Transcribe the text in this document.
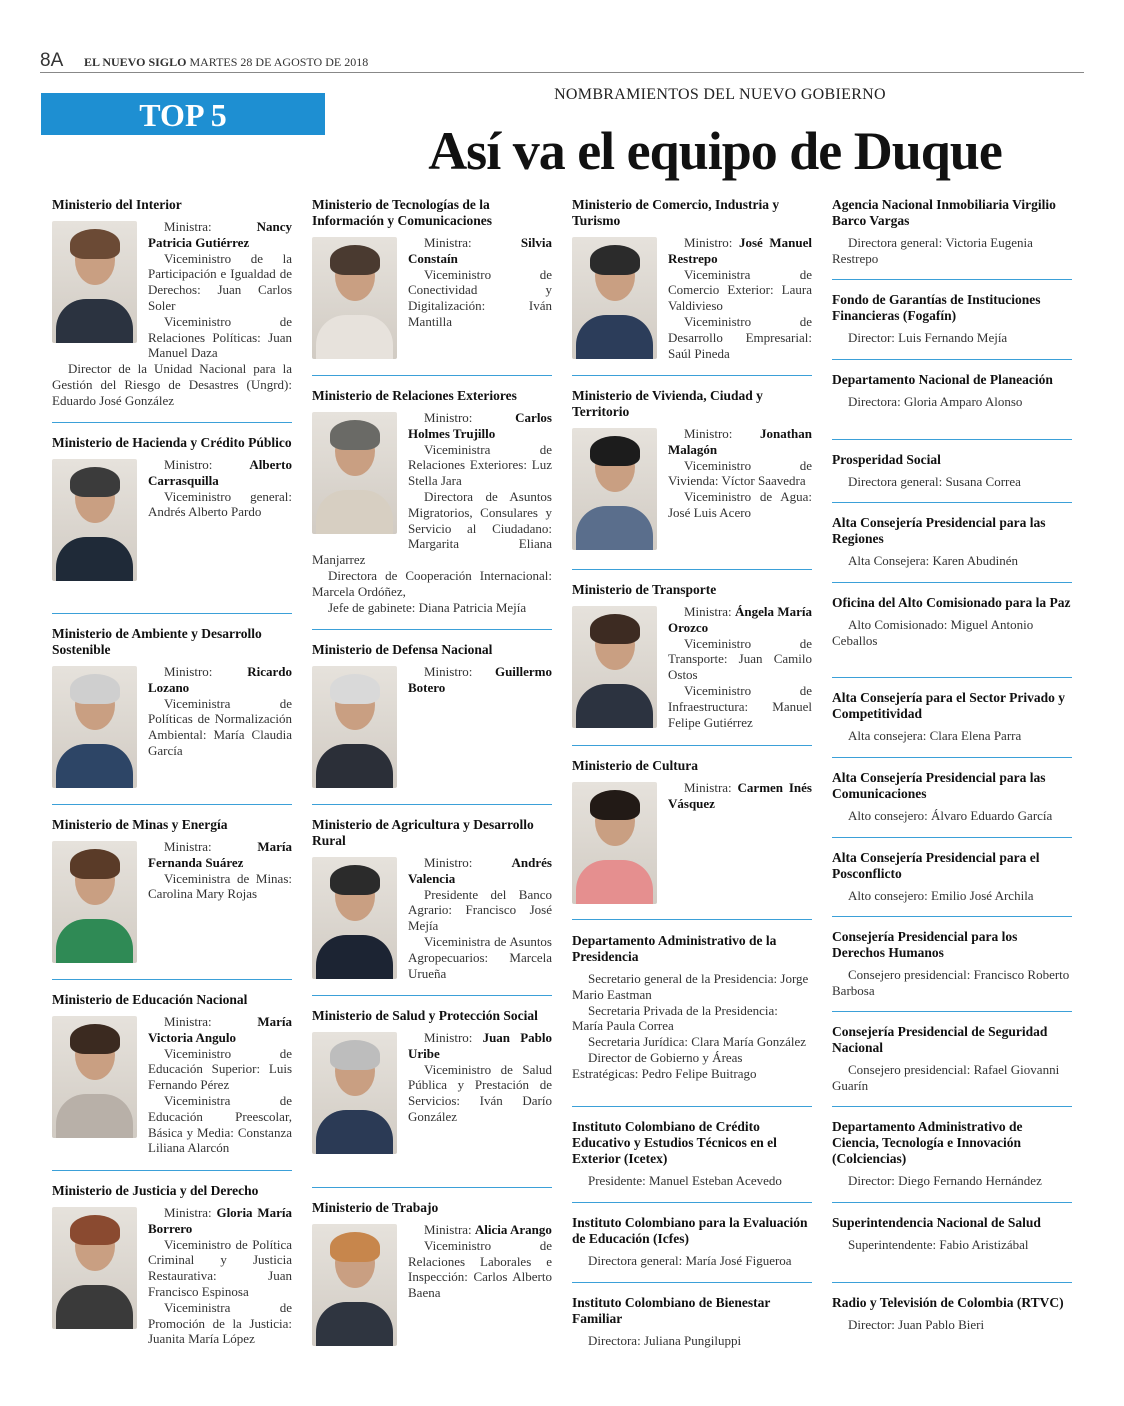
8A EL NUEVO SIGLO MARTES 28 DE AGOSTO DE 2018
TOP 5
NOMBRAMIENTOS DEL NUEVO GOBIERNO
Así va el equipo de Duque
Ministerio del Interior

Ministra: Nancy Patricia Gutiérrez

Viceministro de la Participación e Igualdad de Derechos: Juan Carlos Soler

Viceministro de Relaciones Políticas: Juan Manuel Daza

Director de la Unidad Nacional para la Gestión del Riesgo de Desastres (Ungrd): Eduardo José González

Ministerio de Hacienda y Crédito Público

Ministro: Alberto Carrasquilla

Viceministro general: Andrés Alberto Pardo

Ministerio de Ambiente y Desarrollo Sostenible

Ministro: Ricardo Lozano

Viceministra de Políticas de Normalización Ambiental: María Claudia García

Ministerio de Minas y Energía

Ministra: María Fernanda Suárez

Viceministra de Minas: Carolina Mary Rojas

Ministerio de Educación Nacional

Ministra: María Victoria Angulo

Viceministro de Educación Superior: Luis Fernando Pérez

Viceministra de Educación Preescolar, Básica y Media: Constanza Liliana Alarcón

Ministerio de Justicia y del Derecho

Ministra: Gloria María Borrero

Viceministro de Política Criminal y Justicia Restaurativa: Juan Francisco Espinosa

Viceministra de Promoción de la Justicia: Juanita María López

Ministerio de Tecnologías de la Información y Comunicaciones

Ministra: Silvia Constaín

Viceministro de Conectividad y Digitalización: Iván Mantilla

Ministerio de Relaciones Exteriores

Ministro: Carlos Holmes Trujillo

Viceministra de Relaciones Exteriores: Luz Stella Jara

Directora de Asuntos Migratorios, Consulares y Servicio al Ciudadano: Margarita Eliana Manjarrez

Directora de Cooperación Internacional: Marcela Ordóñez,

Jefe de gabinete: Diana Patricia Mejía

Ministerio de Defensa Nacional

Ministro: Guillermo Botero

Ministerio de Agricultura y Desarrollo Rural

Ministro: Andrés Valencia

Presidente del Banco Agrario: Francisco José Mejía

Viceministra de Asuntos Agropecuarios: Marcela Urueña

Ministerio de Salud y Protección Social

Ministro: Juan Pablo Uribe

Viceministro de Salud Pública y Prestación de Servicios: Iván Darío González

Ministerio de Trabajo

Ministra: Alicia Arango

Viceministro de Relaciones Laborales e Inspección: Carlos Alberto Baena

Ministerio de Comercio, Industria y Turismo

Ministro: José Manuel Restrepo

Viceministra de Comercio Exterior: Laura Valdivieso

Viceministro de Desarrollo Empresarial: Saúl Pineda

Ministerio de Vivienda, Ciudad y Territorio

Ministro: Jonathan Malagón

Viceministro de Vivienda: Víctor Saavedra

Viceministro de Agua: José Luis Acero

Ministerio de Transporte

Ministra: Ángela María Orozco

Viceministro de Transporte: Juan Camilo Ostos

Viceministro de Infraestructura: Manuel Felipe Gutiérrez

Ministerio de Cultura

Ministra: Carmen Inés Vásquez

Departamento Administrativo de la Presidencia

Secretario general de la Presidencia: Jorge Mario Eastman

Secretaria Privada de la Presidencia: María Paula Correa

Secretaria Jurídica: Clara María González

Director de Gobierno y Áreas Estratégicas: Pedro Felipe Buitrago

Instituto Colombiano de Crédito Educativo y Estudios Técnicos en el Exterior (Icetex)

Presidente: Manuel Esteban Acevedo

Instituto Colombiano para la Evaluación de Educación (Icfes)

Directora general: María José Figueroa

Instituto Colombiano de Bienestar Familiar

Directora: Juliana Pungiluppi

Agencia Nacional Inmobiliaria Virgilio Barco Vargas

Directora general: Victoria Eugenia Restrepo

Fondo de Garantías de Instituciones Financieras (Fogafín)

Director: Luis Fernando Mejía

Departamento Nacional de Planeación

Directora: Gloria Amparo Alonso

Prosperidad Social

Directora general: Susana Correa

Alta Consejería Presidencial para las Regiones

Alta Consejera: Karen Abudinén

Oficina del Alto Comisionado para la Paz

Alto Comisionado: Miguel Antonio Ceballos

Alta Consejería para el Sector Privado y Competitividad

Alta consejera: Clara Elena Parra

Alta Consejería Presidencial para las Comunicaciones

Alto consejero: Álvaro Eduardo García

Alta Consejería Presidencial para el Posconflicto

Alto consejero: Emilio José Archila

Consejería Presidencial para los Derechos Humanos

Consejero presidencial: Francisco Roberto Barbosa

Consejería Presidencial de Seguridad Nacional

Consejero presidencial: Rafael Giovanni Guarín

Departamento Administrativo de Ciencia, Tecnología e Innovación (Colciencias)

Director: Diego Fernando Hernández

Superintendencia Nacional de Salud

Superintendente: Fabio Aristizábal

Radio y Televisión de Colombia (RTVC)

Director: Juan Pablo Bieri
